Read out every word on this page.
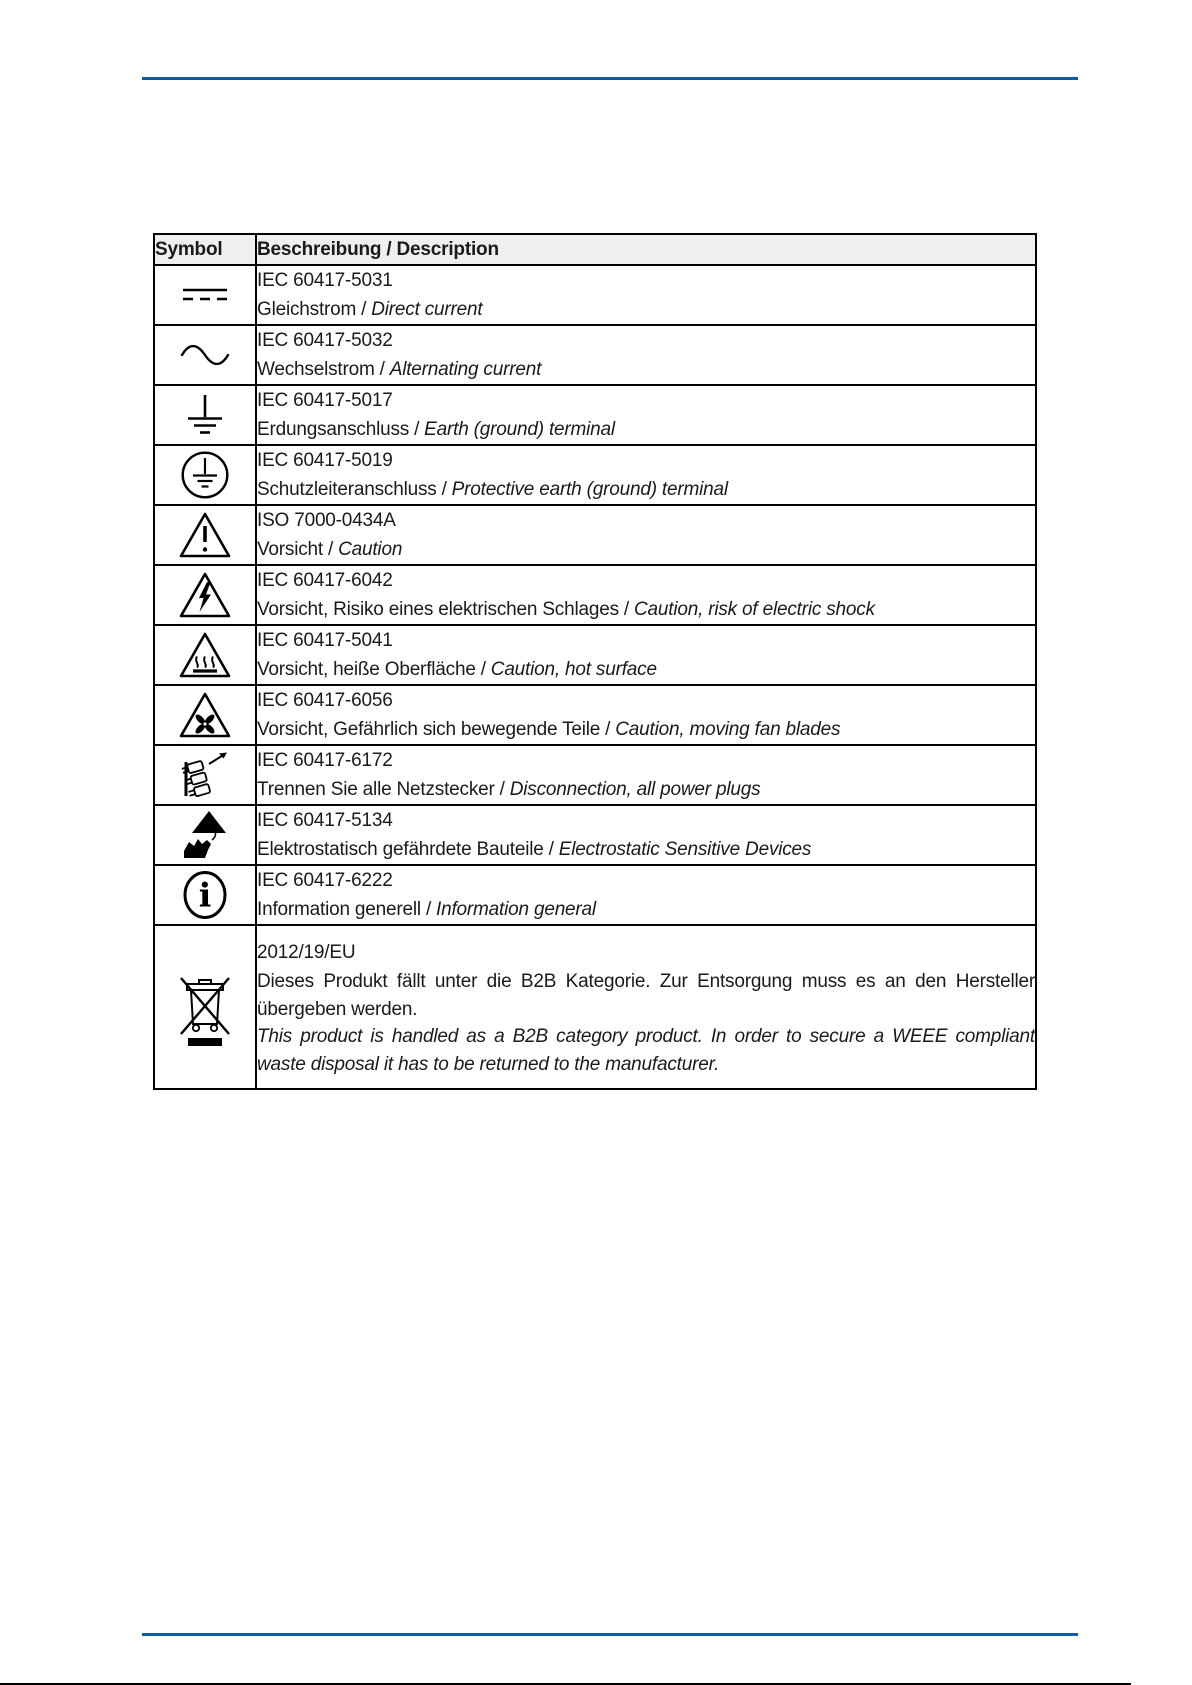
Symbol	Beschreibung / Description

IEC 60417-5031
Gleichstrom / Direct current

IEC 60417-5032
Wechselstrom / Alternating current

IEC 60417-5017
Erdungsanschluss / Earth (ground) terminal

IEC 60417-5019
Schutzleiteranschluss / Protective earth (ground) terminal

ISO 7000-0434A
Vorsicht / Caution

IEC 60417-6042
Vorsicht, Risiko eines elektrischen Schlages / Caution, risk of electric shock

IEC 60417-5041
Vorsicht, heiße Oberfläche / Caution, hot surface

IEC 60417-6056
Vorsicht, Gefährlich sich bewegende Teile / Caution, moving fan blades

IEC 60417-6172
Trennen Sie alle Netzstecker / Disconnection, all power plugs

IEC 60417-5134
Elektrostatisch gefährdete Bauteile / Electrostatic Sensitive Devices

i	IEC 60417-6222
Information generell / Information general

2012/19/EU
Dieses Produkt fällt unter die B2B Kategorie. Zur Entsorgung muss es an den Hersteller übergeben werden.
This product is handled as a B2B category product. In order to secure a WEEE compliant waste disposal it has to be returned to the manufacturer.
